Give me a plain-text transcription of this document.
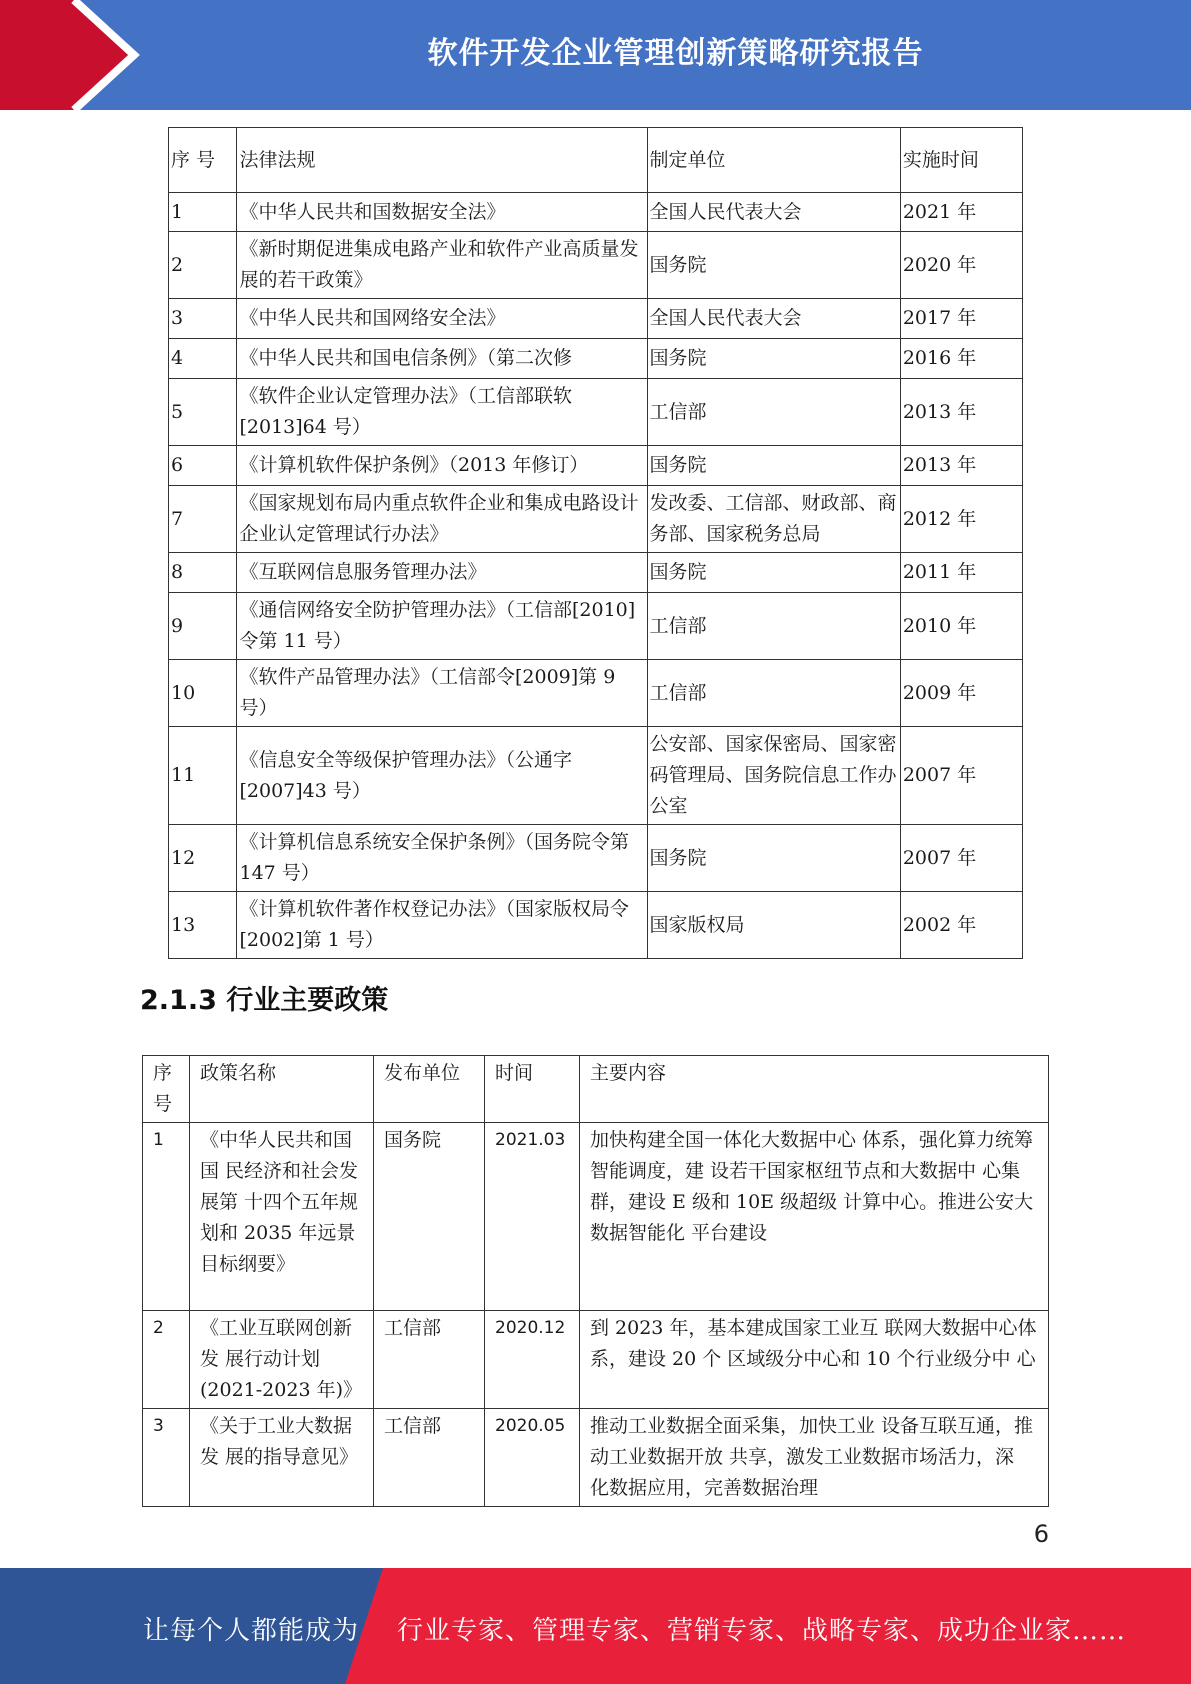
软件开发企业管理创新策略研究报告
序 号	法律法规	制定单位	实施时间
1	《中华人民共和国数据安全法》	全国人民代表大会	2021 年
2	《新时期促进集成电路产业和软件产业高质量发展的若干政策》	国务院	2020 年
3	《中华人民共和国网络安全法》	全国人民代表大会	2017 年
4	《中华人民共和国电信条例》（第二次修	国务院	2016 年
5	《软件企业认定管理办法》（工信部联软[2013]64 号）	工信部	2013 年
6	《计算机软件保护条例》（2013 年修订）	国务院	2013 年
7	《国家规划布局内重点软件企业和集成电路设计企业认定管理试行办法》	发改委、工信部、财政部、商务部、国家税务总局	2012 年
8	《互联网信息服务管理办法》	国务院	2011 年
9	《通信网络安全防护管理办法》（工信部[2010]令第 11 号）	工信部	2010 年
10	《软件产品管理办法》（工信部令[2009]第 9 号）	工信部	2009 年
11	《信息安全等级保护管理办法》（公通字[2007]43 号）	公安部、国家保密局、国家密码管理局、国务院信息工作办公室	2007 年
12	《计算机信息系统安全保护条例》（国务院令第 147 号）	国务院	2007 年
13	《计算机软件著作权登记办法》（国家版权局令[2002]第 1 号）	国家版权局	2002 年
2.1.3 行业主要政策
序号	政策名称	发布单位	时间	主要内容
1	《中华人民共和国国 民经济和社会发展第 十四个五年规划和 2035 年远景目标纲要》	国务院	2021.03	加快构建全国一体化大数据中心 体系，强化算力统筹智能调度，建 设若干国家枢纽节点和大数据中 心集群，建设 E 级和 10E 级超级 计算中心。推进公安大数据智能化 平台建设
2	《工业互联网创新发 展行动计划(2021-2023 年)》	工信部	2020.12	到 2023 年，基本建成国家工业互 联网大数据中心体系，建设 20 个 区域级分中心和 10 个行业级分中 心
3	《关于工业大数据发 展的指导意见》	工信部	2020.05	推动工业数据全面采集，加快工业 设备互联互通，推动工业数据开放 共享，激发工业数据市场活力，深 化数据应用，完善数据治理
6
让每个人都能成为 行业专家、管理专家、营销专家、战略专家、成功企业家……
